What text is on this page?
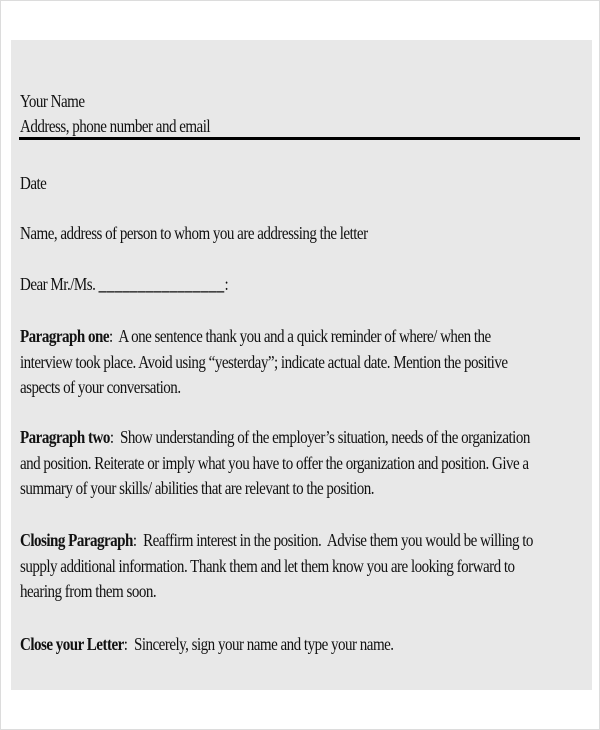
Your Name
Address, phone number and email
Date
Name, address of person to whom you are addressing the letter
Dear Mr./Ms. ________________:
Paragraph one:  A one sentence thank you and a quick reminder of where/ when the
interview took place. Avoid using “yesterday”; indicate actual date. Mention the positive
aspects of your conversation.
Paragraph two:  Show understanding of the employer’s situation, needs of the organization
and position. Reiterate or imply what you have to offer the organization and position. Give a
summary of your skills/ abilities that are relevant to the position.
Closing Paragraph:  Reaffirm interest in the position.  Advise them you would be willing to
supply additional information. Thank them and let them know you are looking forward to
hearing from them soon.
Close your Letter:  Sincerely, sign your name and type your name.
